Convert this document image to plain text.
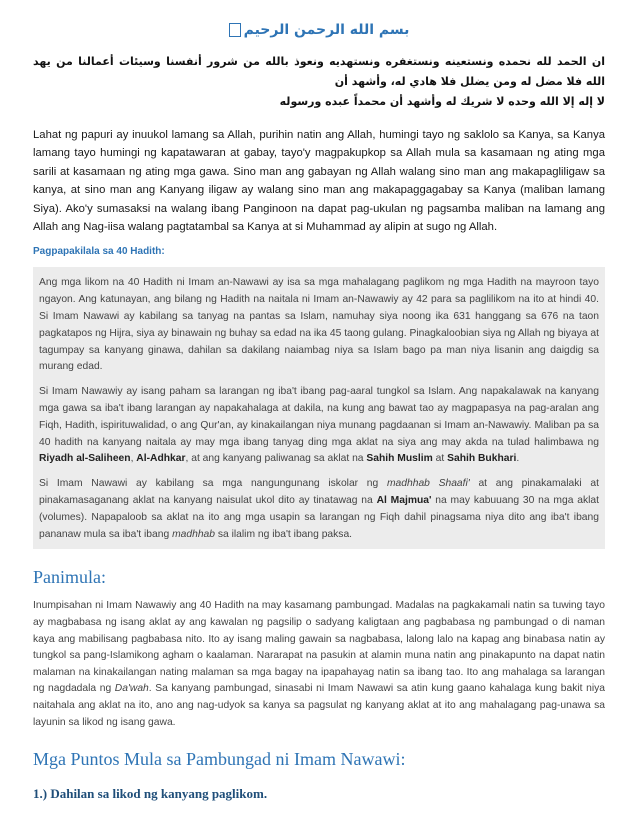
بسم الله الرحمن الرحيم
ان الحمد لله نحمده ونستعينه ونستغفره ونستهديه ونعوذ بالله من شرور أنفسنا وسيئات أعمالنا من يهد الله فلا مضل له ومن يضلل فلا هادي له، وأشهد أن
لا إله إلا الله وحده لا شريك له وأشهد أن محمداً عبده ورسوله
Lahat ng papuri ay inuukol lamang sa Allah, purihin natin ang Allah, humingi tayo ng saklolo sa Kanya, sa Kanya lamang tayo humingi ng kapatawaran at gabay, tayo'y magpakupkop sa Allah mula sa kasamaan ng ating mga sarili at kasamaan ng ating mga gawa. Sino man ang gabayan ng Allah walang sino man ang makapagliligaw sa kanya, at sino man ang Kanyang iligaw ay walang sino man ang makapaggagabay sa Kanya (maliban lamang Siya). Ako'y sumasaksi na walang ibang Panginoon na dapat pag-ukulan ng pagsamba maliban na lamang ang Allah ang Nag-iisa walang pagtatambal sa Kanya at si Muhammad ay alipin at sugo ng Allah.
Pagpapakilala sa 40 Hadith:

Ang mga likom na 40 Hadith ni Imam an-Nawawi ay isa sa mga mahalagang paglikom ng mga Hadith na mayroon tayo ngayon. Ang katunayan, ang bilang ng Hadith na naitala ni Imam an-Nawawiy ay 42 para sa paglilikom na ito at hindi 40. Si Imam Nawawi ay kabilang sa tanyag na pantas sa Islam, namuhay siya noong ika 631 hanggang sa 676 na taon pagkatapos ng Hijra, siya ay binawain ng buhay sa edad na ika 45 taong gulang. Pinagkaloobian siya ng Allah ng biyaya at tagumpay sa kanyang ginawa, dahilan sa dakilang naiambag niya sa Islam bago pa man niya lisanin ang daigdig sa murang edad.

Si Imam Nawawiy ay isang paham sa larangan ng iba't ibang pag-aaral tungkol sa Islam. Ang napakalawak na kanyang mga gawa sa iba't ibang larangan ay napakahalaga at dakila, na kung ang bawat tao ay magpapasya na pag-aralan ang Fiqh, Hadith, ispirituwalidad, o ang Qur'an, ay kinakailangan niya munang pagdaanan si Imam an-Nawawiy. Maliban pa sa 40 hadith na kanyang naitala ay may mga ibang tanyag ding mga aklat na siya ang may akda na tulad halimbawa ng Riyadh al-Saliheen, Al-Adhkar, at ang kanyang paliwanag sa aklat na Sahih Muslim at Sahih Bukhari.

Si Imam Nawawi ay kabilang sa mga nangungunang iskolar ng madhhab Shaafi' at ang pinakamalaki at pinakamasaganang aklat na kanyang naisulat ukol dito ay tinatawag na Al Majmua' na may kabuuang 30 na mga aklat (volumes). Napapaloob sa aklat na ito ang mga usapin sa larangan ng Fiqh dahil pinagsama niya dito ang iba't ibang pananaw mula sa iba't ibang madhhab sa ilalim ng iba't ibang paksa.

Panimula:
Inumpisahan ni Imam Nawawiy ang 40 Hadith na may kasamang pambungad. Madalas na pagkakamali natin sa tuwing tayo ay magbabasa ng isang aklat ay ang kawalan ng pagsilip o sadyang kaligtaan ang pagbabasa ng pambungad o di naman kaya ang mabilisang pagbabasa nito. Ito ay isang maling gawain sa nagbabasa, lalong lalo na kapag ang binabasa natin ay tungkol sa pang-Islamikong agham o kaalaman. Nararapat na pasukin at alamin muna natin ang pinakapunto na dapat natin malaman na kinakailangan nating malaman sa mga bagay na ipapahayag natin sa ibang tao. Ito ang mahalaga sa larangan ng nagdadala ng Da'wah. Sa kanyang pambungad, sinasabi ni Imam Nawawi sa atin kung gaano kahalaga kung bakit niya naitahala ang aklat na ito, ano ang nag-udyok sa kanya sa pagsulat ng kanyang aklat at ito ang mahalagang pag-unawa sa layunin sa likod ng isang gawa.
Mga Puntos Mula sa Pambungad ni Imam Nawawi:
1.) Dahilan sa likod ng kanyang paglikom.
